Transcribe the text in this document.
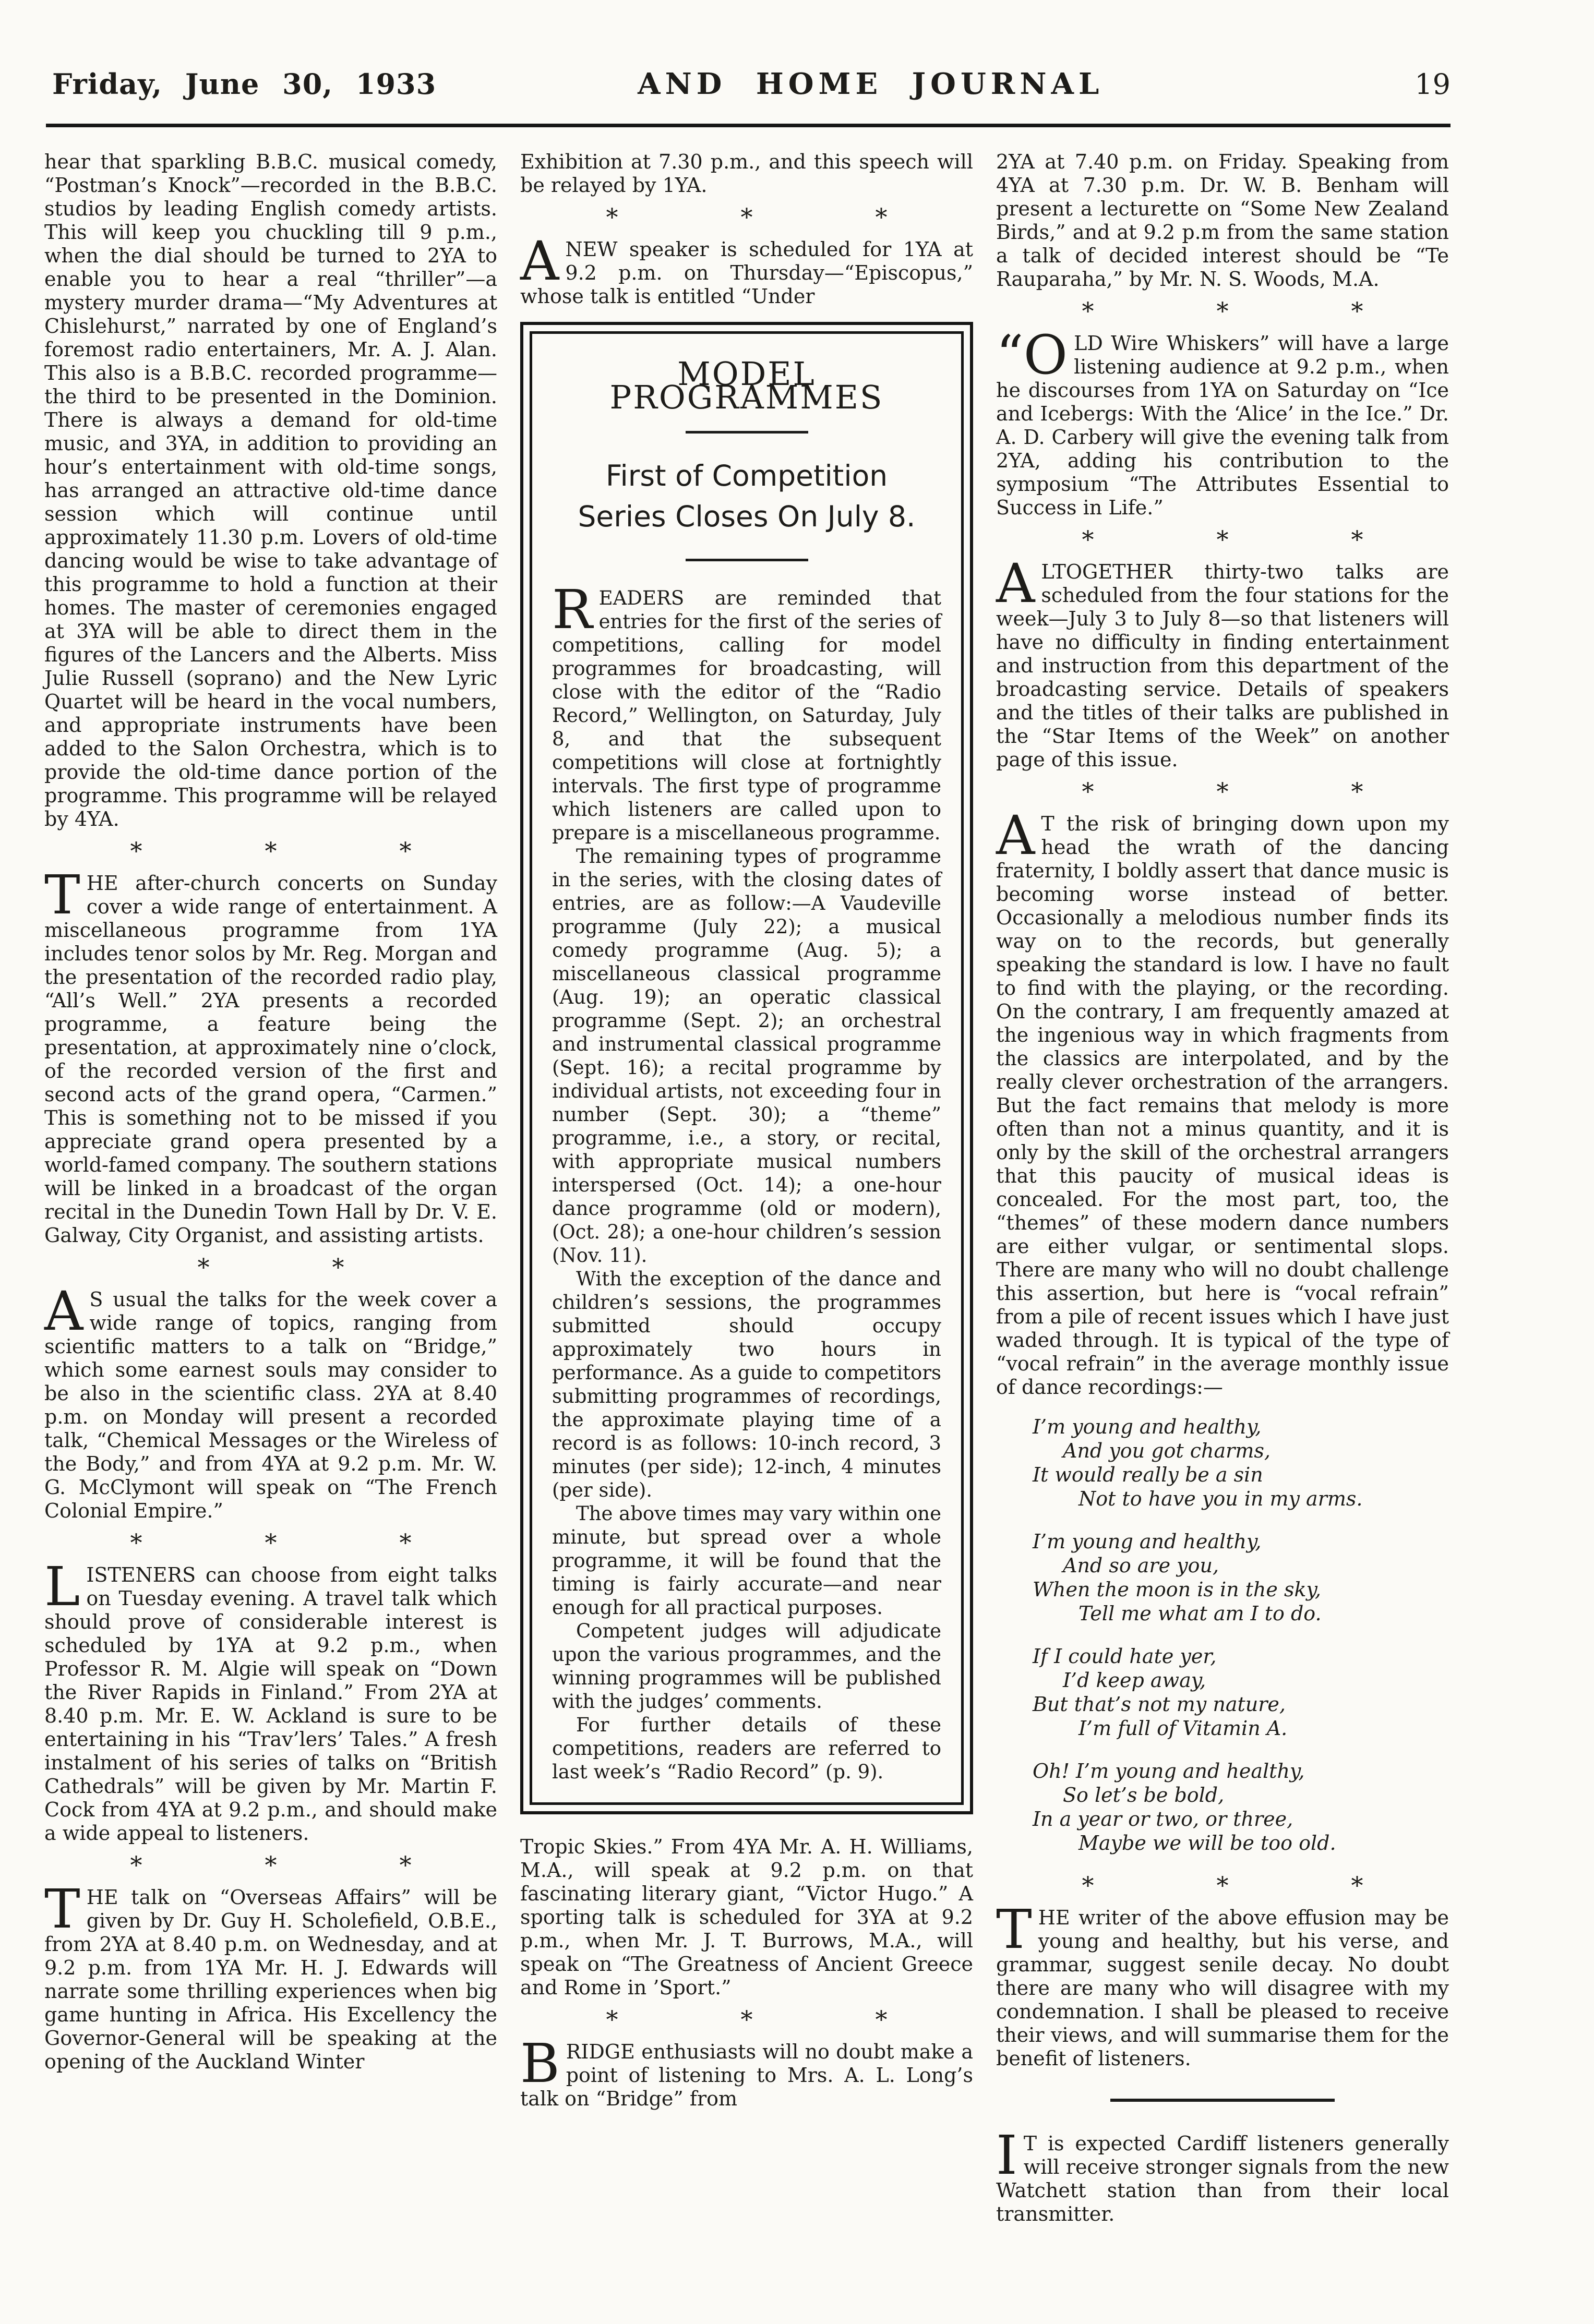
Friday, June 30, 1933	AND HOME JOURNAL	19
hear that sparkling B.B.C. musical comedy, “Postman’s Knock”—recorded in the B.B.C. studios by leading English comedy artists. This will keep you chuckling till 9 p.m., when the dial should be turned to 2YA to enable you to hear a real “thriller”—a mystery murder drama—“My Adventures at Chislehurst,” narrated by one of England’s foremost radio entertainers, Mr. A. J. Alan. This also is a B.B.C. recorded programme—the third to be presented in the Dominion. There is always a demand for old-time music, and 3YA, in addition to providing an hour’s entertainment with old-time songs, has arranged an attractive old-time dance session which will continue until approximately 11.30 p.m. Lovers of old-time dancing would be wise to take advantage of this programme to hold a function at their homes. The master of ceremonies engaged at 3YA will be able to direct them in the figures of the Lancers and the Alberts. Miss Julie Russell (soprano) and the New Lyric Quartet will be heard in the vocal numbers, and appropriate instruments have been added to the Salon Orchestra, which is to provide the old-time dance portion of the programme. This programme will be relayed by 4YA.
*	*	*
THE after-church concerts on Sunday cover a wide range of entertainment. A miscellaneous programme from 1YA includes tenor solos by Mr. Reg. Morgan and the presentation of the recorded radio play, “All’s Well.” 2YA presents a recorded programme, a feature being the presentation, at approximately nine o’clock, of the recorded version of the first and second acts of the grand opera, “Carmen.” This is something not to be missed if you appreciate grand opera presented by a world-famed company. The southern stations will be linked in a broadcast of the organ recital in the Dunedin Town Hall by Dr. V. E. Galway, City Organist, and assisting artists.
*	*
A S usual the talks for the week cover a wide range of topics, ranging from scientific matters to a talk on “Bridge,” which some earnest souls may consider to be also in the scientific class. 2YA at 8.40 p.m. on Monday will present a recorded talk, “Chemical Messages or the Wireless of the Body,” and from 4YA at 9.2 p.m. Mr. W. G. McClymont will speak on “The French Colonial Empire.”
*	*	*
LISTENERS can choose from eight talks on Tuesday evening. A travel talk which should prove of considerable interest is scheduled by 1YA at 9.2 p.m., when Professor R. M. Algie will speak on “Down the River Rapids in Finland.” From 2YA at 8.40 p.m. Mr. E. W. Ackland is sure to be entertaining in his “Trav’lers’ Tales.” A fresh instalment of his series of talks on “British Cathedrals” will be given by Mr. Martin F. Cock from 4YA at 9.2 p.m., and should make a wide appeal to listeners.
*	*	*
THE talk on “Overseas Affairs” will be given by Dr. Guy H. Scholefield, O.B.E., from 2YA at 8.40 p.m. on Wednesday, and at 9.2 p.m. from 1YA Mr. H. J. Edwards will narrate some thrilling experiences when big game hunting in Africa. His Excellency the Governor-General will be speaking at the opening of the Auckland Winter
Exhibition at 7.30 p.m., and this speech will be relayed by 1YA.
*	*	*
ANEW speaker is scheduled for 1YA at 9.2 p.m. on Thursday—“Episcopus,” whose talk is entitled “Under
MODEL PROGRAMMES
First of Competition Series Closes On July 8.
READERS are reminded that entries for the first of the series of competitions, calling for model programmes for broadcasting, will close with the editor of the “Radio Record,” Wellington, on Saturday, July 8, and that the subsequent competitions will close at fortnightly intervals. The first type of programme which listeners are called upon to prepare is a miscellaneous programme.
The remaining types of programme in the series, with the closing dates of entries, are as follow:—A Vaudeville programme (July 22); a musical comedy programme (Aug. 5); a miscellaneous classical programme (Aug. 19); an operatic classical programme (Sept. 2); an orchestral and instrumental classical programme (Sept. 16); a recital programme by individual artists, not exceeding four in number (Sept. 30); a “theme” programme, i.e., a story, or recital, with appropriate musical numbers interspersed (Oct. 14); a one-hour dance programme (old or modern), (Oct. 28); a one-hour children’s session (Nov. 11).
With the exception of the dance and children’s sessions, the programmes submitted should occupy approximately two hours in performance. As a guide to competitors submitting programmes of recordings, the approximate playing time of a record is as follows: 10-inch record, 3 minutes (per side); 12-inch, 4 minutes (per side).
The above times may vary within one minute, but spread over a whole programme, it will be found that the timing is fairly accurate—and near enough for all practical purposes.
Competent judges will adjudicate upon the various programmes, and the winning programmes will be published with the judges’ comments.
For further details of these competitions, readers are referred to last week’s “Radio Record” (p. 9).
Tropic Skies.” From 4YA Mr. A. H. Williams, M.A., will speak at 9.2 p.m. on that fascinating literary giant, “Victor Hugo.” A sporting talk is scheduled for 3YA at 9.2 p.m., when Mr. J. T. Burrows, M.A., will speak on “The Greatness of Ancient Greece and Rome in ’Sport.”
*	*	*
BRIDGE enthusiasts will no doubt make a point of listening to Mrs. A. L. Long’s talk on “Bridge” from
2YA at 7.40 p.m. on Friday. Speaking from 4YA at 7.30 p.m. Dr. W. B. Benham will present a lecturette on “Some New Zealand Birds,” and at 9.2 p.m from the same station a talk of decided interest should be “Te Rauparaha,” by Mr. N. S. Woods, M.A.
*	*	*
“OLD Wire Whiskers” will have a large listening audience at 9.2 p.m., when he discourses from 1YA on Saturday on “Ice and Icebergs: With the ‘Alice’ in the Ice.” Dr. A. D. Carbery will give the evening talk from 2YA, adding his contribution to the symposium “The Attributes Essential to Success in Life.”
*	*	*
ALTOGETHER thirty-two talks are scheduled from the four stations for the week—July 3 to July 8—so that listeners will have no difficulty in finding entertainment and instruction from this department of the broadcasting service. Details of speakers and the titles of their talks are published in the “Star Items of the Week” on another page of this issue.
*	*	*
A T the risk of bringing down upon my head the wrath of the dancing fraternity, I boldly assert that dance music is becoming worse instead of better. Occasionally a melodious number finds its way on to the records, but generally speaking the standard is low. I have no fault to find with the playing, or the recording. On the contrary, I am frequently amazed at the ingenious way in which fragments from the classics are interpolated, and by the really clever orchestration of the arrangers. But the fact remains that melody is more often than not a minus quantity, and it is only by the skill of the orchestral arrangers that this paucity of musical ideas is concealed. For the most part, too, the “themes” of these modern dance numbers are either vulgar, or sentimental slops. There are many who will no doubt challenge this assertion, but here is “vocal refrain” from a pile of recent issues which I have just waded through. It is typical of the type of “vocal refrain” in the average monthly issue of dance recordings:—
I’m young and healthy,
And you got charms,
It would really be a sin
Not to have you in my arms.
I’m young and healthy,
And so are you,
When the moon is in the sky,
Tell me what am I to do.
If I could hate yer,
I’d keep away,
But that’s not my nature,
I’m full of Vitamin A.
Oh! I’m young and healthy,
So let’s be bold,
In a year or two, or three,
Maybe we will be too old.
*	*	*
THE writer of the above effusion may be young and healthy, but his verse, and grammar, suggest senile decay. No doubt there are many who will disagree with my condemnation. I shall be pleased to receive their views, and will summarise them for the benefit of listeners.
I T is expected Cardiff listeners generally will receive stronger signals from the new Watchett station than from their local transmitter.
